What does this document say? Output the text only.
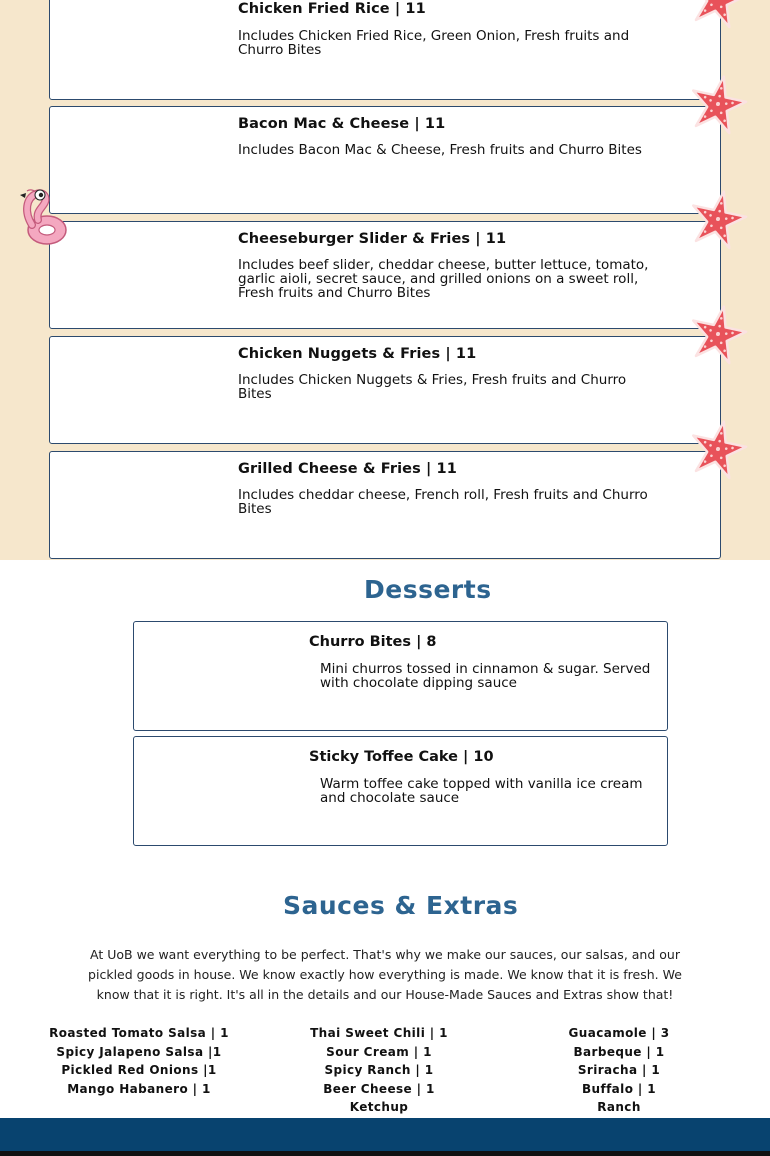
Chicken Fried Rice | 11
Includes Chicken Fried Rice, Green Onion, Fresh fruits and Churro Bites
Bacon Mac & Cheese | 11
Includes Bacon Mac & Cheese, Fresh fruits and Churro Bites
Cheeseburger Slider & Fries | 11
Includes beef slider, cheddar cheese, butter lettuce, tomato, garlic aioli, secret sauce, and grilled onions on a sweet roll, Fresh fruits and Churro Bites
Chicken Nuggets & Fries | 11
Includes Chicken Nuggets & Fries, Fresh fruits and Churro Bites
Grilled Cheese & Fries | 11
Includes cheddar cheese, French roll, Fresh fruits and Churro Bites
Desserts
Churro Bites | 8
Mini churros tossed in cinnamon & sugar. Served with chocolate dipping sauce
Sticky Toffee Cake | 10
Warm toffee cake topped with vanilla ice cream and chocolate sauce
Sauces & Extras
At UoB we want everything to be perfect. That's why we make our sauces, our salsas, and our pickled goods in house. We know exactly how everything is made. We know that it is fresh. We know that it is right. It's all in the details and our House-Made Sauces and Extras show that!
Roasted Tomato Salsa | 1
Spicy Jalapeno Salsa |1
Pickled Red Onions |1
Mango Habanero | 1
Thai Sweet Chili | 1
Sour Cream | 1
Spicy Ranch | 1
Beer Cheese | 1
Ketchup
Guacamole | 3
Barbeque | 1
Sriracha | 1
Buffalo | 1
Ranch
